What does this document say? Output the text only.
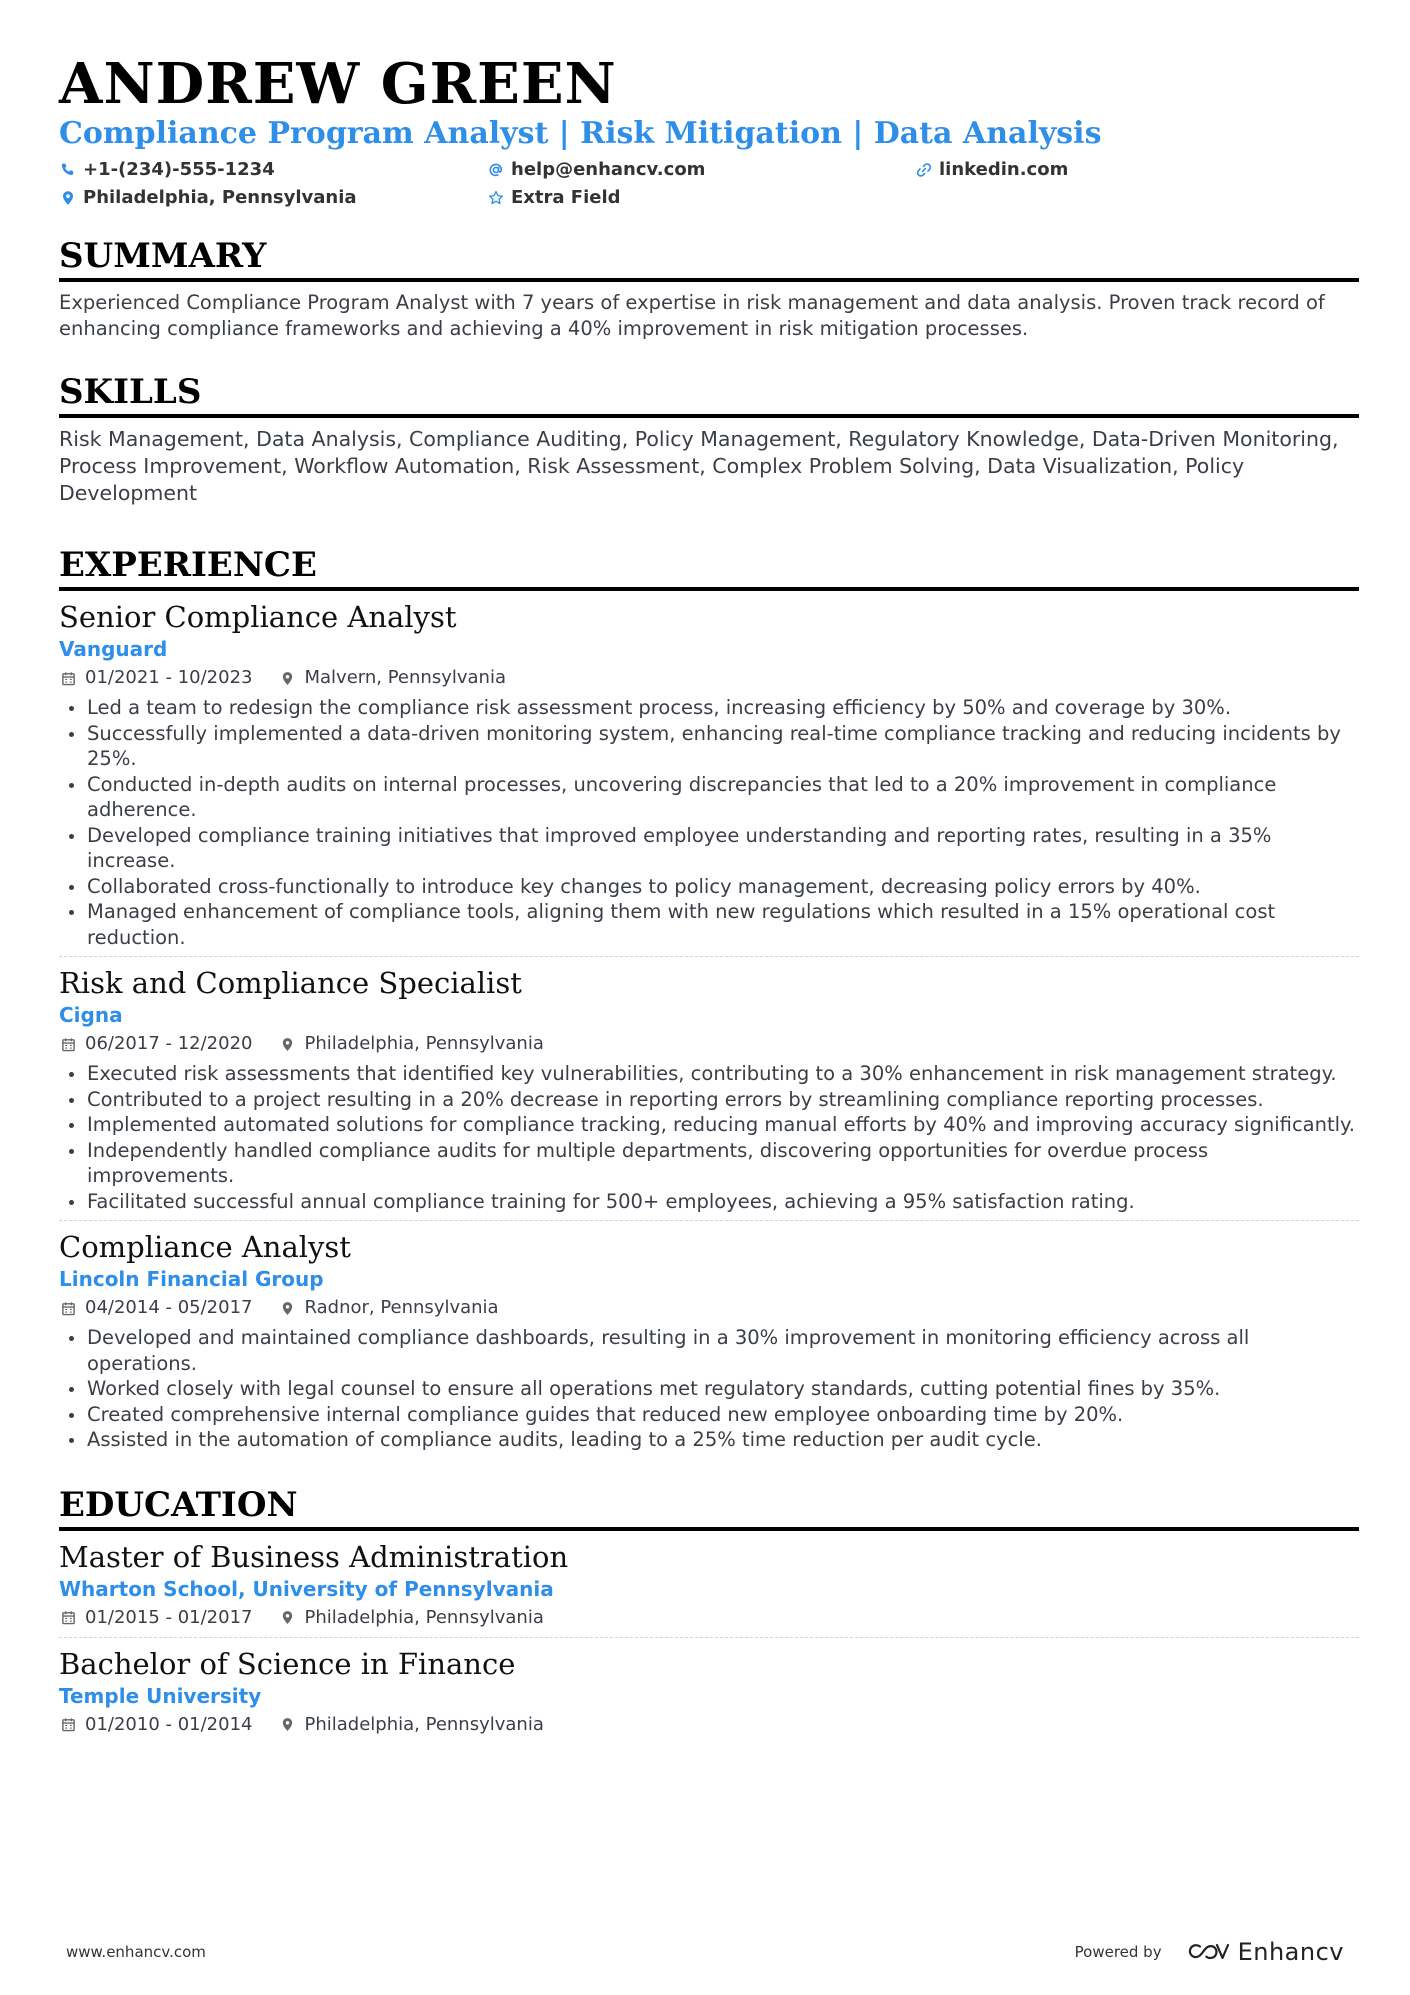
ANDREW GREEN
Compliance Program Analyst | Risk Mitigation | Data Analysis
+1-(234)-555-1234	help@enhancv.com	linkedin.com
Philadelphia, Pennsylvania	Extra Field
SUMMARY
Experienced Compliance Program Analyst with 7 years of expertise in risk management and data analysis. Proven track record of enhancing compliance frameworks and achieving a 40% improvement in risk mitigation processes.
SKILLS
Risk Management, Data Analysis, Compliance Auditing, Policy Management, Regulatory Knowledge, Data-Driven Monitoring, Process Improvement, Workflow Automation, Risk Assessment, Complex Problem Solving, Data Visualization, Policy Development
EXPERIENCE
Senior Compliance Analyst
Vanguard
01/2021 - 10/2023	Malvern, Pennsylvania
Led a team to redesign the compliance risk assessment process, increasing efficiency by 50% and coverage by 30%.
Successfully implemented a data-driven monitoring system, enhancing real-time compliance tracking and reducing incidents by 25%.
Conducted in-depth audits on internal processes, uncovering discrepancies that led to a 20% improvement in compliance adherence.
Developed compliance training initiatives that improved employee understanding and reporting rates, resulting in a 35% increase.
Collaborated cross-functionally to introduce key changes to policy management, decreasing policy errors by 40%.
Managed enhancement of compliance tools, aligning them with new regulations which resulted in a 15% operational cost reduction.
Risk and Compliance Specialist
Cigna
06/2017 - 12/2020	Philadelphia, Pennsylvania
Executed risk assessments that identified key vulnerabilities, contributing to a 30% enhancement in risk management strategy.
Contributed to a project resulting in a 20% decrease in reporting errors by streamlining compliance reporting processes.
Implemented automated solutions for compliance tracking, reducing manual efforts by 40% and improving accuracy significantly.
Independently handled compliance audits for multiple departments, discovering opportunities for overdue process improvements.
Facilitated successful annual compliance training for 500+ employees, achieving a 95% satisfaction rating.
Compliance Analyst
Lincoln Financial Group
04/2014 - 05/2017	Radnor, Pennsylvania
Developed and maintained compliance dashboards, resulting in a 30% improvement in monitoring efficiency across all operations.
Worked closely with legal counsel to ensure all operations met regulatory standards, cutting potential fines by 35%.
Created comprehensive internal compliance guides that reduced new employee onboarding time by 20%.
Assisted in the automation of compliance audits, leading to a 25% time reduction per audit cycle.
EDUCATION
Master of Business Administration
Wharton School, University of Pennsylvania
01/2015 - 01/2017	Philadelphia, Pennsylvania
Bachelor of Science in Finance
Temple University
01/2010 - 01/2014	Philadelphia, Pennsylvania
www.enhancv.com	Powered by	Enhancv
